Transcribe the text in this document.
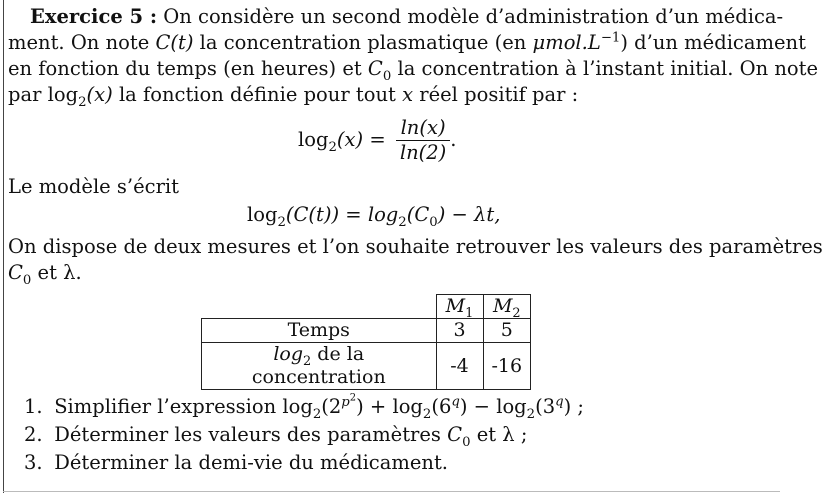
Exercice 5 : On considère un second modèle d’administration d’un médica-
ment. On note C(t) la concentration plasmatique (en $\mu mol.L^{-1}$) d’un médicament
en fonction du temps (en heures) et $C_0$ la concentration à l’instant initial. On note
par $\log_2(x)$ la fonction définie pour tout x réel positif par :
$\log_2(x) = \frac{\ln(x)}{\ln(2)}$ .
Le modèle s’écrit
$\log_2(C(t)) = \log_2(C_0) - \lambda t$,
On dispose de deux mesures et l’on souhaite retrouver les valeurs des paramètres
$C_0$ et λ.
	$M_1$	$M_2$
Temps	3	5
$\log_2$ de la concentration	-4	-16
1. Simplifier l’expression $\log_2(2^{p^2}) + \log_2(6^q) - \log_2(3^q)$ ;
2. Déterminer les valeurs des paramètres $C_0$ et λ ;
3. Déterminer la demi-vie du médicament.
